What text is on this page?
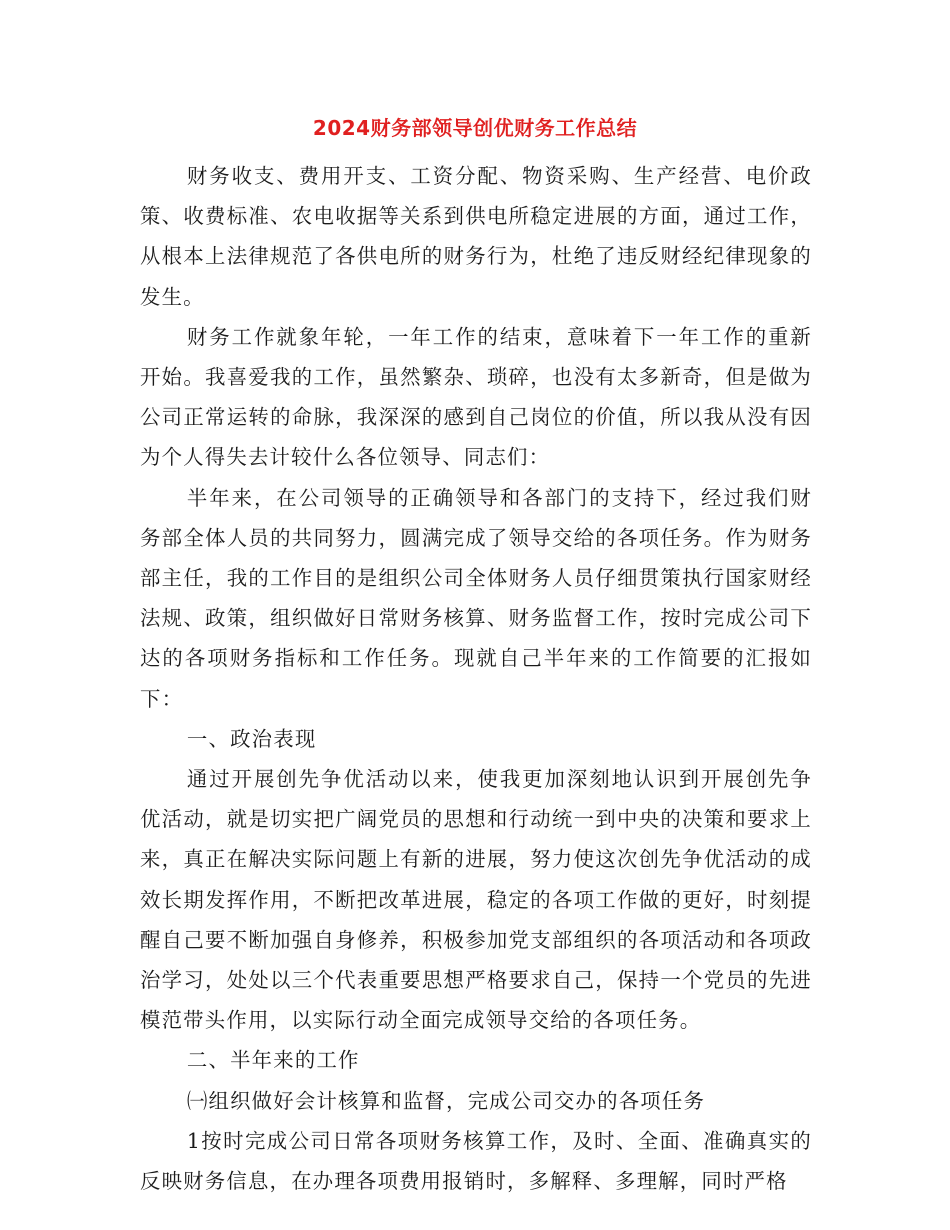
2024财务部领导创优财务工作总结

财务收支、费用开支、工资分配、物资采购、生产经营、电价政策、收费标准、农电收据等关系到供电所稳定进展的方面，通过工作，从根本上法律规范了各供电所的财务行为，杜绝了违反财经纪律现象的发生。

财务工作就象年轮，一年工作的结束，意味着下一年工作的重新开始。我喜爱我的工作，虽然繁杂、琐碎，也没有太多新奇，但是做为公司正常运转的命脉，我深深的感到自己岗位的价值，所以我从没有因为个人得失去计较什么各位领导、同志们：

半年来，在公司领导的正确领导和各部门的支持下，经过我们财务部全体人员的共同努力，圆满完成了领导交给的各项任务。作为财务部主任，我的工作目的是组织公司全体财务人员仔细贯策执行国家财经法规、政策，组织做好日常财务核算、财务监督工作，按时完成公司下达的各项财务指标和工作任务。现就自己半年来的工作简要的汇报如下：

一、政治表现

通过开展创先争优活动以来，使我更加深刻地认识到开展创先争优活动，就是切实把广阔党员的思想和行动统一到中央的决策和要求上来，真正在解决实际问题上有新的进展，努力使这次创先争优活动的成效长期发挥作用，不断把改革进展，稳定的各项工作做的更好，时刻提醒自己要不断加强自身修养，积极参加党支部组织的各项活动和各项政治学习，处处以三个代表重要思想严格要求自己，保持一个党员的先进模范带头作用，以实际行动全面完成领导交给的各项任务。

二、半年来的工作

㈠组织做好会计核算和监督，完成公司交办的各项任务

1按时完成公司日常各项财务核算工作，及时、全面、准确真实的反映财务信息，在办理各项费用报销时，多解释、多理解，同时严格
